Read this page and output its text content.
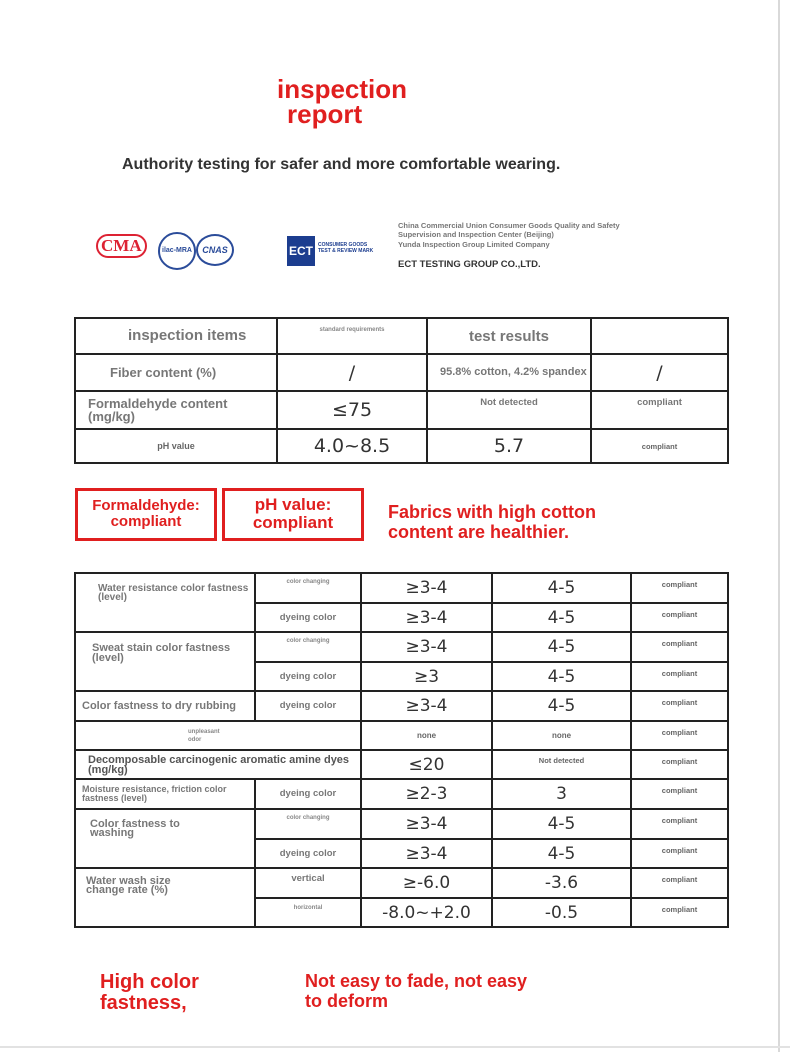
inspection
report
Authority testing for safer and more comfortable wearing.
CMA	ilac-MRA	CNAS	ECT	CONSUMER GOODS TEST & REVIEW MARK
China Commercial Union Consumer Goods Quality and Safety
Supervision and Inspection Center (Beijing)
Yunda Inspection Group Limited Company
ECT TESTING GROUP CO.,LTD.
inspection items	standard requirements	test results	
Fiber content (%)	/	95.8% cotton, 4.2% spandex	/
Formaldehyde content (mg/kg)	≤75	Not detected	compliant
pH value	4.0~8.5	5.7	compliant
Formaldehyde: compliant
pH value: compliant
Fabrics with high cotton content are healthier.
Water resistance color fastness (level)	color changing	≥3-4	4-5	compliant
	dyeing color	≥3-4	4-5	compliant
Sweat stain color fastness (level)	color changing	≥3-4	4-5	compliant
	dyeing color	≥3	4-5	compliant
Color fastness to dry rubbing	dyeing color	≥3-4	4-5	compliant
unpleasant odor		none	none	compliant
Decomposable carcinogenic aromatic amine dyes (mg/kg)		≤20	Not detected	compliant
Moisture resistance, friction color fastness (level)	dyeing color	≥2-3	3	compliant
Color fastness to washing	color changing	≥3-4	4-5	compliant
	dyeing color	≥3-4	4-5	compliant
Water wash size change rate (%)	vertical	≥-6.0	-3.6	compliant
	horizontal	-8.0~+2.0	-0.5	compliant
High color fastness,
Not easy to fade, not easy to deform
